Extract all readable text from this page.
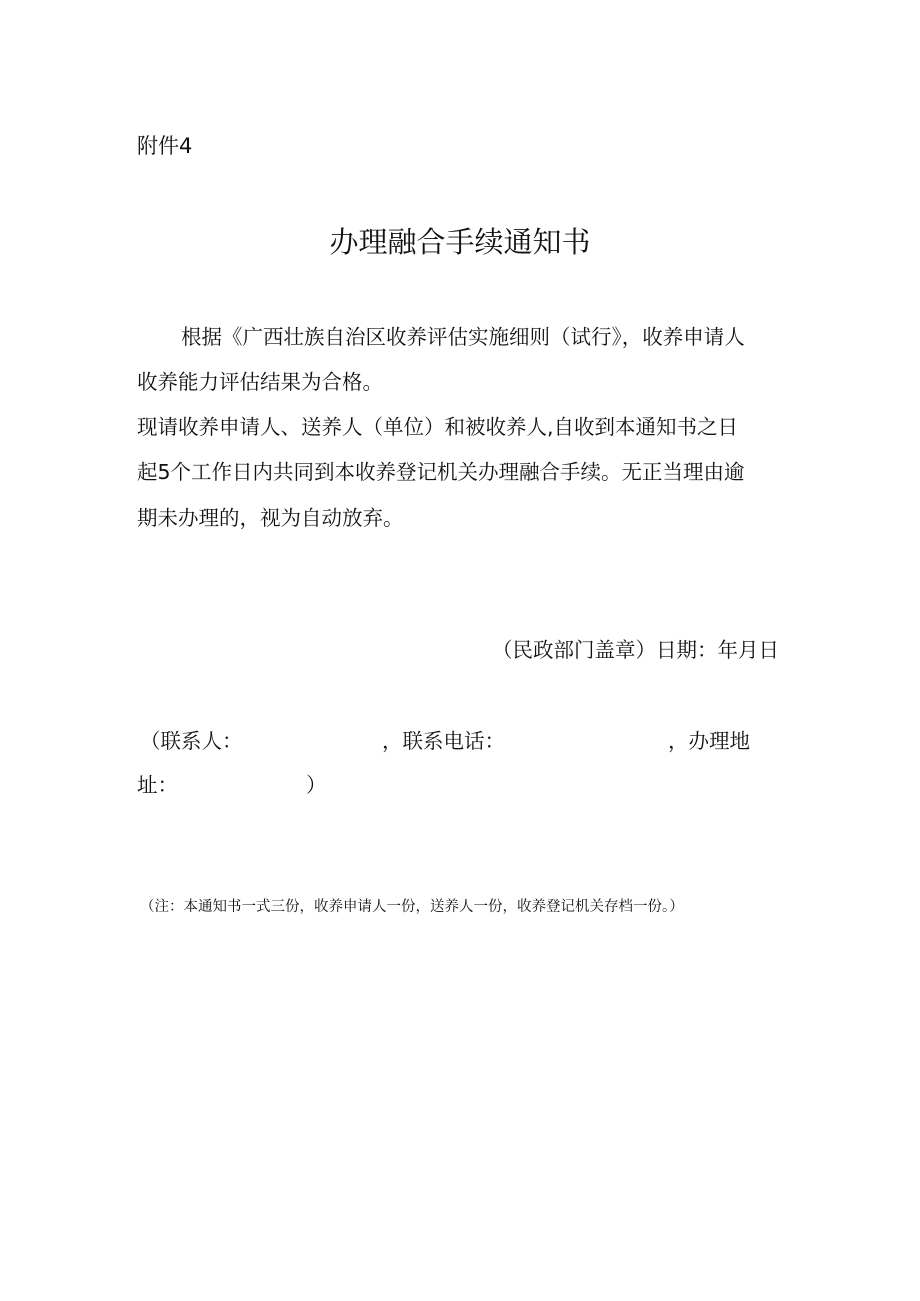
附件4
办理融合手续通知书
根据《广西壮族自治区收养评估实施细则（试行》，收养申请人
收养能力评估结果为合格。
现请收养申请人、送养人（单位）和被收养人,自收到本通知书之日
起5个工作日内共同到本收养登记机关办理融合手续。无正当理由逾
期未办理的，视为自动放弃。
（民政部门盖章）日期：年月日
（联系人：	，联系电话：	，办理地
址：	）
（注：本通知书一式三份，收养申请人一份，送养人一份，收养登记机关存档一份。）
